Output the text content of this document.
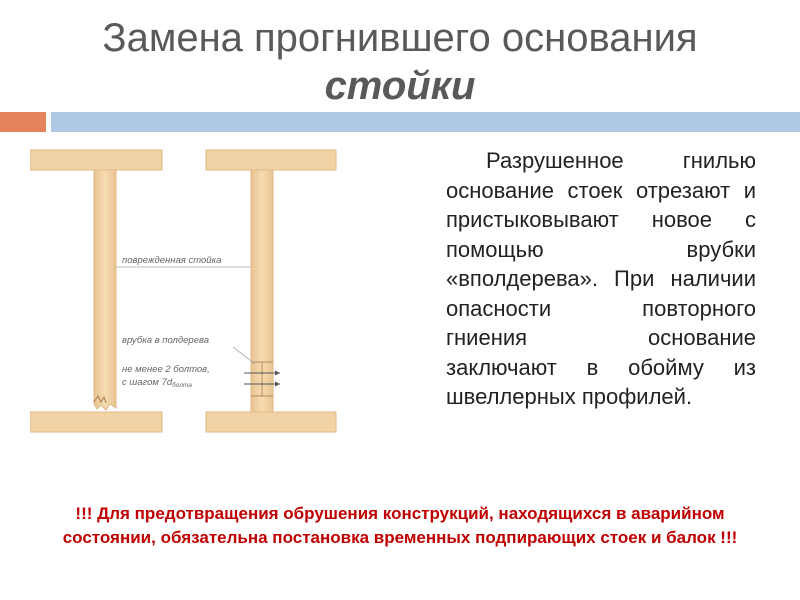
Замена прогнившего основания
стойки
поврежденная стойка
врубка в полдерева
не менее 2 болтов,
с шагом $7d_{болта}$
Разрушенное гнилью основание стоек отрезают и пристыковывают новое с помощью врубки «вполдерева». При наличии опасности повторного гниения основание заключают в обойму из швеллерных профилей.
!!! Для предотвращения обрушения конструкций, находящихся в аварийном состоянии, обязательна постановка временных подпирающих стоек и балок !!!
